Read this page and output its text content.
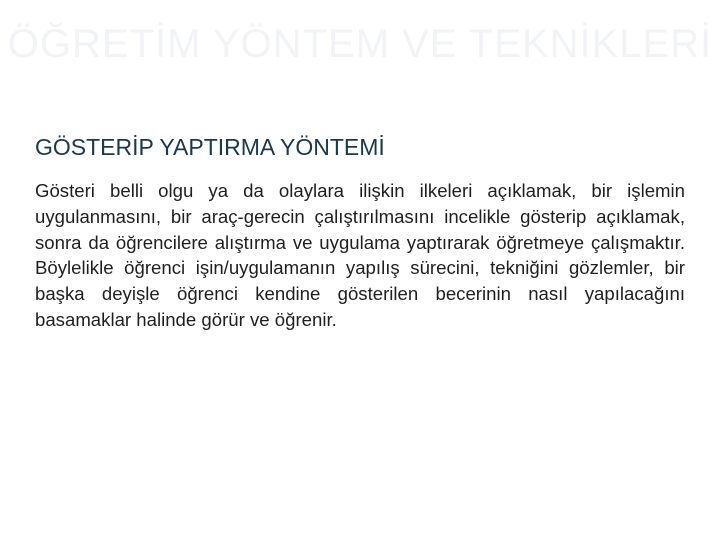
ÖĞRETİM YÖNTEM VE TEKNİKLERİ
GÖSTERİP YAPTIRMA YÖNTEMİ

Gösteri belli olgu ya da olaylara ilişkin ilkeleri açıklamak, bir işlemin uygulanmasını, bir araç-gerecin çalıştırılmasını incelikle gösterip açıklamak, sonra da öğrencilere alıştırma ve uygulama yaptırarak öğretmeye çalışmaktır. Böylelikle öğrenci işin/uygulamanın yapılış sürecini, tekniğini gözlemler, bir başka deyişle öğrenci kendine gösterilen becerinin nasıl yapılacağını basamaklar halinde görür ve öğrenir.
